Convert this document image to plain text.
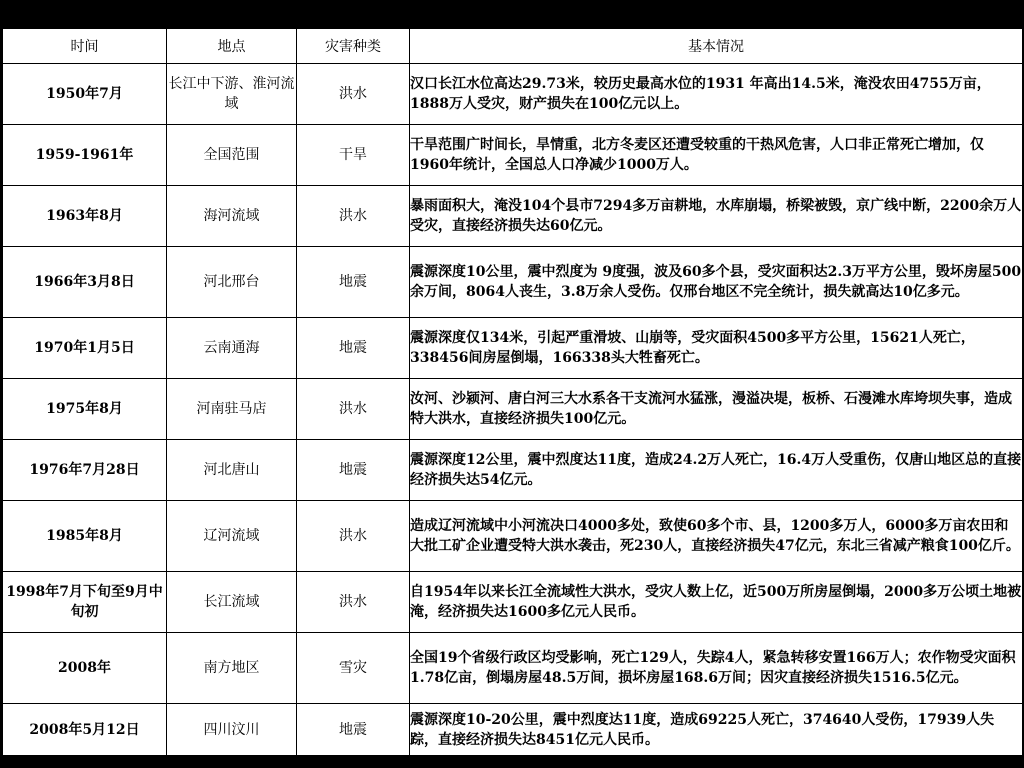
时间	地点	灾害种类	基本情况
1950年7月	长江中下游、淮河流域	洪水	汉口长江水位高达29.73米，较历史最高水位的1931 年高出14.5米，淹没农田4755万亩，1888万人受灾，财产损失在100亿元以上。
1959-1961年	全国范围	干旱	干旱范围广时间长，旱情重，北方冬麦区还遭受较重的干热风危害，人口非正常死亡增加，仅1960年统计，全国总人口净减少1000万人。
1963年8月	海河流域	洪水	暴雨面积大，淹没104个县市7294多万亩耕地，水库崩塌，桥梁被毁，京广线中断，2200余万人受灾，直接经济损失达60亿元。
1966年3月8日	河北邢台	地震	震源深度10公里，震中烈度为 9度强，波及60多个县，受灾面积达2.3万平方公里，毁坏房屋500余万间，8064人丧生，3.8万余人受伤。仅邢台地区不完全统计，损失就高达10亿多元。
1970年1月5日	云南通海	地震	震源深度仅134米，引起严重滑坡、山崩等，受灾面积4500多平方公里，15621人死亡，338456间房屋倒塌，166338头大牲畜死亡。
1975年8月	河南驻马店	洪水	汝河、沙颍河、唐白河三大水系各干支流河水猛涨，漫溢决堤，板桥、石漫滩水库垮坝失事，造成特大洪水，直接经济损失100亿元。
1976年7月28日	河北唐山	地震	震源深度12公里，震中烈度达11度，造成24.2万人死亡，16.4万人受重伤，仅唐山地区总的直接经济损失达54亿元。
1985年8月	辽河流域	洪水	造成辽河流域中小河流决口4000多处，致使60多个市、县，1200多万人，6000多万亩农田和 大批工矿企业遭受特大洪水袭击，死230人，直接经济损失47亿元，东北三省减产粮食100亿斤。
1998年7月下旬至9月中旬初	长江流域	洪水	自1954年以来长江全流域性大洪水，受灾人数上亿，近500万所房屋倒塌，2000多万公顷土地被淹，经济损失达1600多亿元人民币。
2008年	南方地区	雪灾	全国19个省级行政区均受影响，死亡129人，失踪4人，紧急转移安置166万人；农作物受灾面积1.78亿亩，倒塌房屋48.5万间，损坏房屋168.6万间；因灾直接经济损失1516.5亿元。
2008年5月12日	四川汶川	地震	震源深度10-20公里，震中烈度达11度，造成69225人死亡，374640人受伤，17939人失踪，直接经济损失达8451亿元人民币。
